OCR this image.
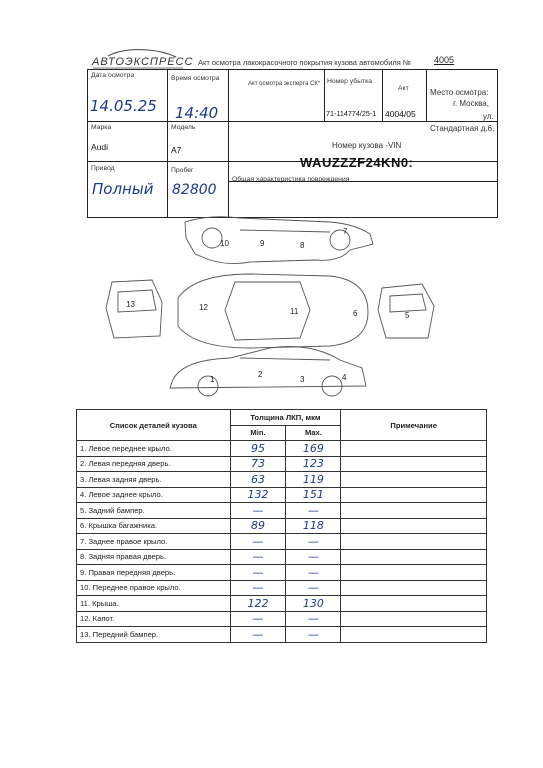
АВТОЭКСПРЕСС Акт осмотра лакокрасочного покрытия кузова автомобиля №	4005
Дата осмотра
14.05.25
Время осмотра
14:40
Акт осмотра эксперта СК* Номер убытка
71-114774/25-1
Акт
4004/05
Место осмотра:
г. Москва,
ул.
Стандартная д.6,
Марка
Audi
Модель
A7	Номер кузова -VIN
WAUZZZF24KN0:
Привод
Полный
Пробег
82800
Общая характеристика повреждения
10	9	8
7
12	11	6	5
13
1
2
3	4
Список деталей кузова	Толщина ЛКП, мкм		Примечание
	Min.	Max.	
1. Левое переднее крыло.	95	169	
2. Левая передняя дверь.	73	123	
3. Левая задняя дверь.	63	119	
4. Левое заднее крыло.	132	151	
5. Задний бампер.	—	—	
6. Крышка багажника.	89	118	
7. Заднее правое крыло.	—	—	
8. Задняя правая дверь.	—	—	
9. Правая передняя дверь.	—	—	
10. Переднее правое крыло.	—	—	
11. Крыша.	122	130	
12. Капот.	—	—	
13. Передний бампер.	—	—	
